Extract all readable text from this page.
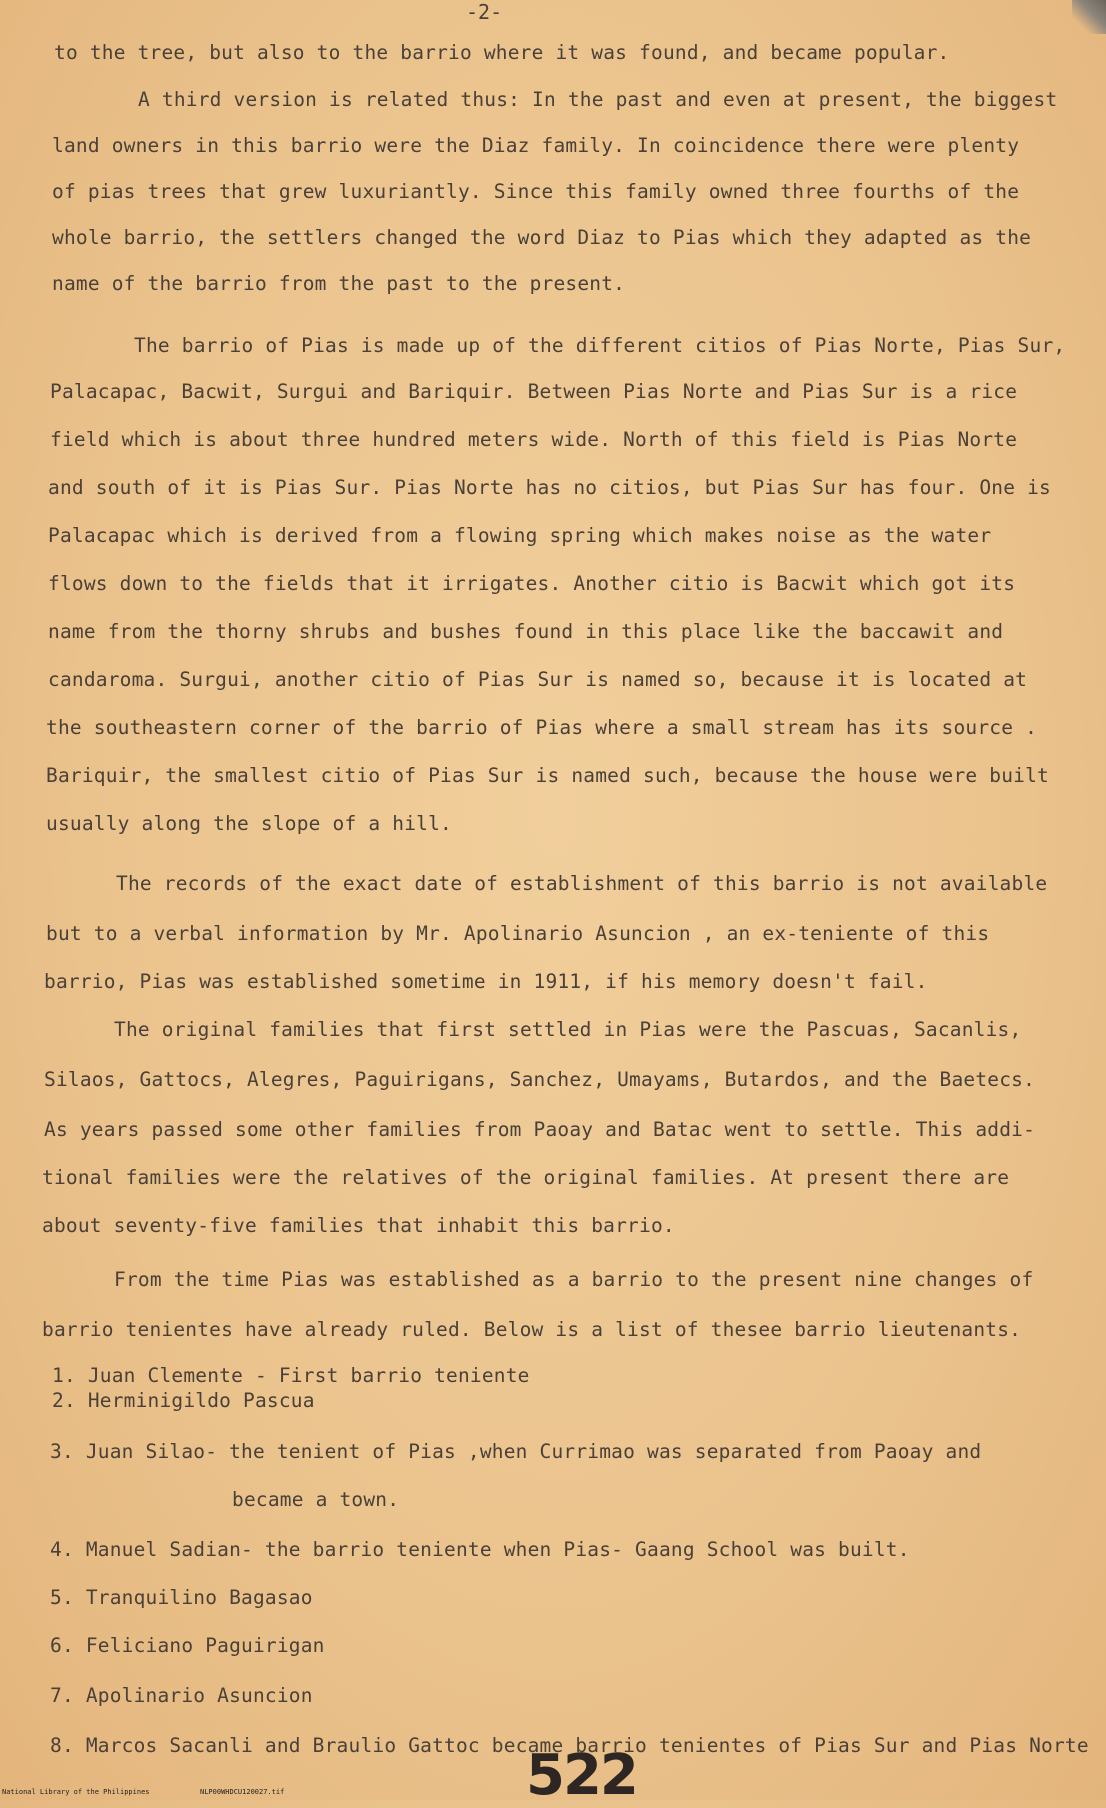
-2-
to the tree, but also to the barrio where it was found, and became popular.
A third version is related thus: In the past and even at present, the biggest
land owners in this barrio were the Diaz family. In coincidence there were plenty
of pias trees that grew luxuriantly. Since this family owned three fourths of the
whole barrio, the settlers changed the word Diaz to Pias which they adapted as the
name of the barrio from the past to the present.
The barrio of Pias is made up of the different citios of Pias Norte, Pias Sur,
Palacapac, Bacwit, Surgui and Bariquir. Between Pias Norte and Pias Sur is a rice
field which is about three hundred meters wide. North of this field is Pias Norte
and south of it is Pias Sur. Pias Norte has no citios, but Pias Sur has four. One is
Palacapac which is derived from a flowing spring which makes noise as the water
flows down to the fields that it irrigates. Another citio is Bacwit which got its
name from the thorny shrubs and bushes found in this place like the baccawit and
candaroma. Surgui, another citio of Pias Sur is named so, because it is located at
the southeastern corner of the barrio of Pias where a small stream has its source .
Bariquir, the smallest citio of Pias Sur is named such, because the house were built
usually along the slope of a hill.
The records of the exact date of establishment of this barrio is not available
but to a verbal information by Mr. Apolinario Asuncion , an ex-teniente of this
barrio, Pias was established sometime in 1911, if his memory doesn't fail.
The original families that first settled in Pias were the Pascuas, Sacanlis,
Silaos, Gattocs, Alegres, Paguirigans, Sanchez, Umayams, Butardos, and the Baetecs.
As years passed some other families from Paoay and Batac went to settle. This addi-
tional families were the relatives of the original families. At present there are
about seventy-five families that inhabit this barrio.
From the time Pias was established as a barrio to the present nine changes of
barrio tenientes have already ruled. Below is a list of thesee barrio lieutenants.
1. Juan Clemente - First barrio teniente
2. Herminigildo Pascua
3. Juan Silao- the tenient of Pias ,when Currimao was separated from Paoay and
became a town.
4. Manuel Sadian- the barrio teniente when Pias- Gaang School was built.
5. Tranquilino Bagasao
6. Feliciano Paguirigan
7. Apolinario Asuncion
8. Marcos Sacanli and Braulio Gattoc became barrio tenientes of Pias Sur and Pias Norte
522
National Library of the Philippines	NLP00WHDCU120027.tif
